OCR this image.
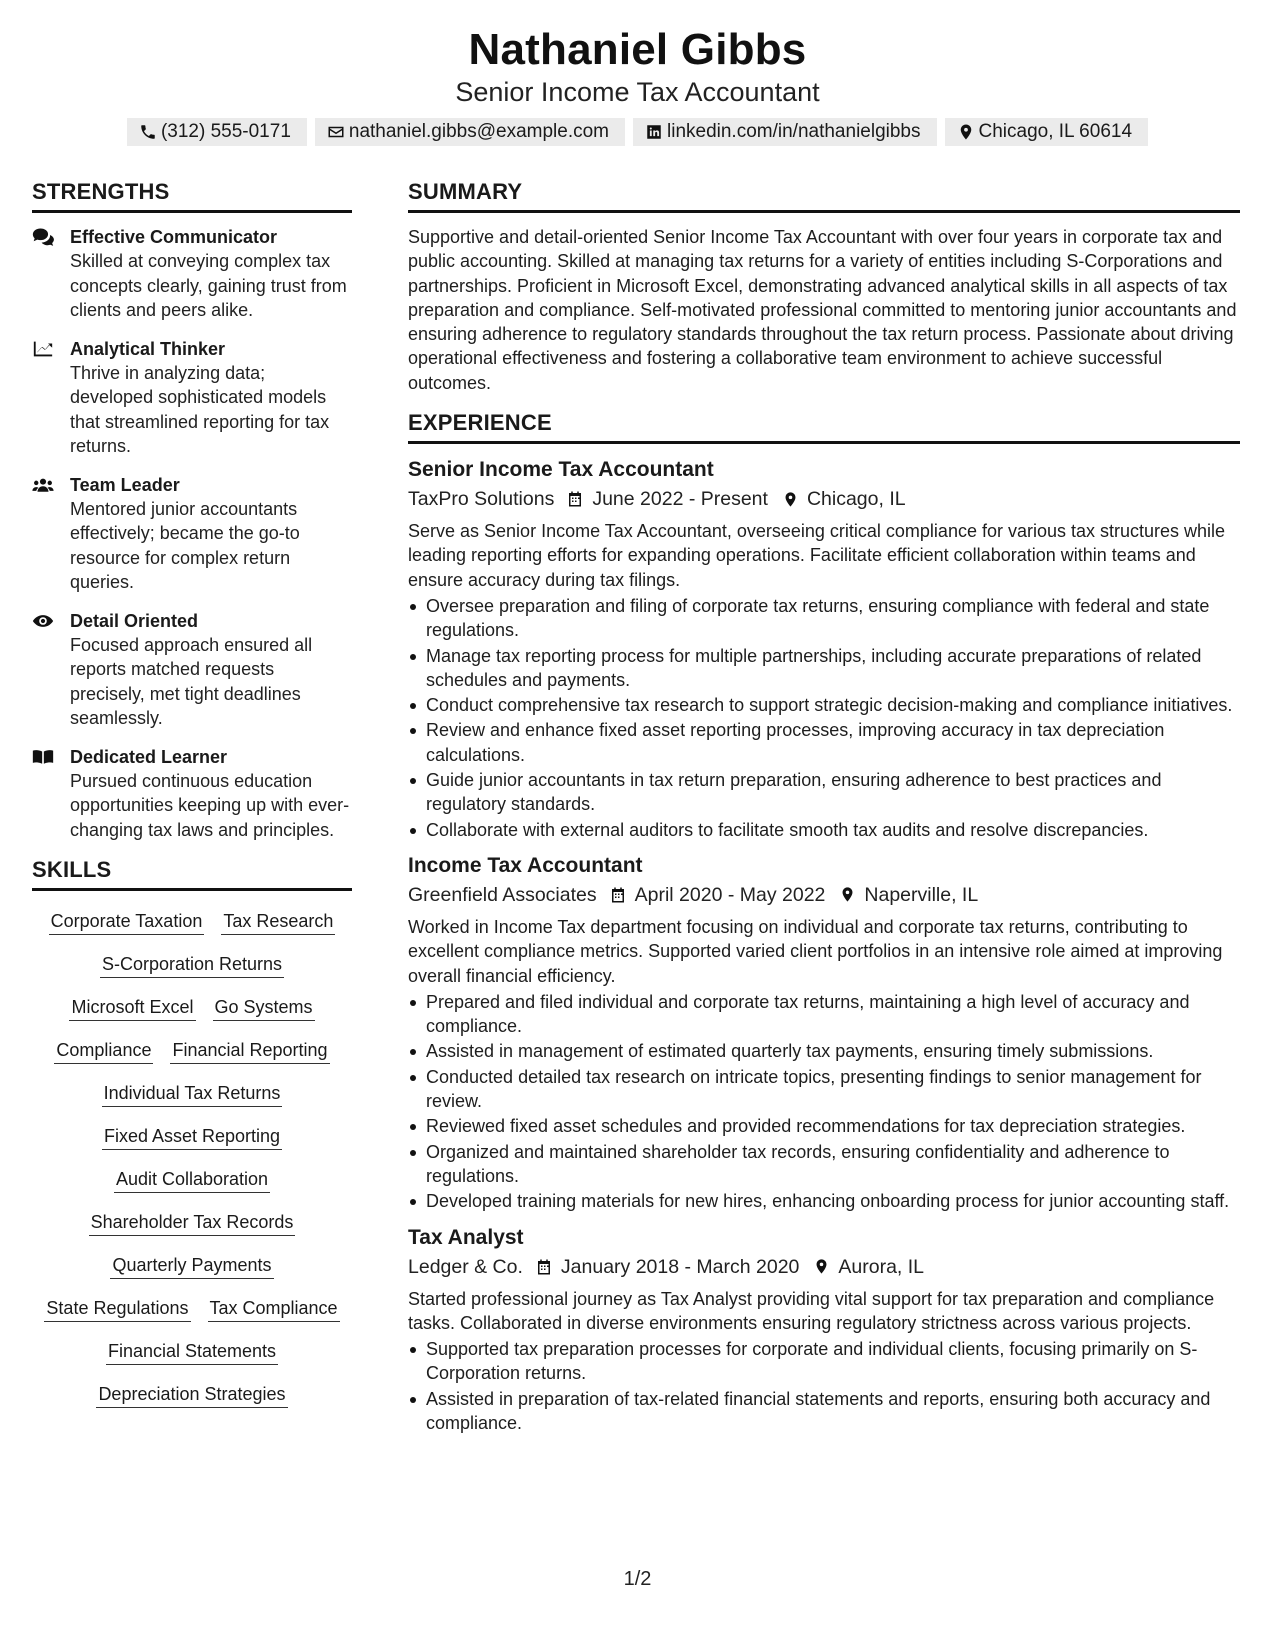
Nathaniel Gibbs
Senior Income Tax Accountant
(312) 555-0171	nathaniel.gibbs@example.com	linkedin.com/in/nathanielgibbs	Chicago, IL 60614
STRENGTHS
Effective Communicator
Skilled at conveying complex tax concepts clearly, gaining trust from clients and peers alike.
Analytical Thinker
Thrive in analyzing data; developed sophisticated models that streamlined reporting for tax returns.
Team Leader
Mentored junior accountants effectively; became the go-to resource for complex return queries.
Detail Oriented
Focused approach ensured all reports matched requests precisely, met tight deadlines seamlessly.
Dedicated Learner
Pursued continuous education opportunities keeping up with ever-changing tax laws and principles.
SKILLS
Corporate Taxation Tax Research
S-Corporation Returns
Microsoft Excel Go Systems
Compliance Financial Reporting
Individual Tax Returns
Fixed Asset Reporting
Audit Collaboration
Shareholder Tax Records
Quarterly Payments
State Regulations Tax Compliance
Financial Statements
Depreciation Strategies
SUMMARY
Supportive and detail-oriented Senior Income Tax Accountant with over four years in corporate tax and public accounting. Skilled at managing tax returns for a variety of entities including S-Corporations and partnerships. Proficient in Microsoft Excel, demonstrating advanced analytical skills in all aspects of tax preparation and compliance. Self-motivated professional committed to mentoring junior accountants and ensuring adherence to regulatory standards throughout the tax return process. Passionate about driving operational effectiveness and fostering a collaborative team environment to achieve successful outcomes.
EXPERIENCE
Senior Income Tax Accountant
TaxPro Solutions June 2022 - Present Chicago, IL
Serve as Senior Income Tax Accountant, overseeing critical compliance for various tax structures while leading reporting efforts for expanding operations. Facilitate efficient collaboration within teams and ensure accuracy during tax filings.
Oversee preparation and filing of corporate tax returns, ensuring compliance with federal and state regulations.
Manage tax reporting process for multiple partnerships, including accurate preparations of related schedules and payments.
Conduct comprehensive tax research to support strategic decision-making and compliance initiatives.
Review and enhance fixed asset reporting processes, improving accuracy in tax depreciation calculations.
Guide junior accountants in tax return preparation, ensuring adherence to best practices and regulatory standards.
Collaborate with external auditors to facilitate smooth tax audits and resolve discrepancies.
Income Tax Accountant
Greenfield Associates April 2020 - May 2022 Naperville, IL
Worked in Income Tax department focusing on individual and corporate tax returns, contributing to excellent compliance metrics. Supported varied client portfolios in an intensive role aimed at improving overall financial efficiency.
Prepared and filed individual and corporate tax returns, maintaining a high level of accuracy and compliance.
Assisted in management of estimated quarterly tax payments, ensuring timely submissions.
Conducted detailed tax research on intricate topics, presenting findings to senior management for review.
Reviewed fixed asset schedules and provided recommendations for tax depreciation strategies.
Organized and maintained shareholder tax records, ensuring confidentiality and adherence to regulations.
Developed training materials for new hires, enhancing onboarding process for junior accounting staff.
Tax Analyst
Ledger & Co. January 2018 - March 2020 Aurora, IL
Started professional journey as Tax Analyst providing vital support for tax preparation and compliance tasks. Collaborated in diverse environments ensuring regulatory strictness across various projects.
Supported tax preparation processes for corporate and individual clients, focusing primarily on S-Corporation returns.
Assisted in preparation of tax-related financial statements and reports, ensuring both accuracy and compliance.
1/2
